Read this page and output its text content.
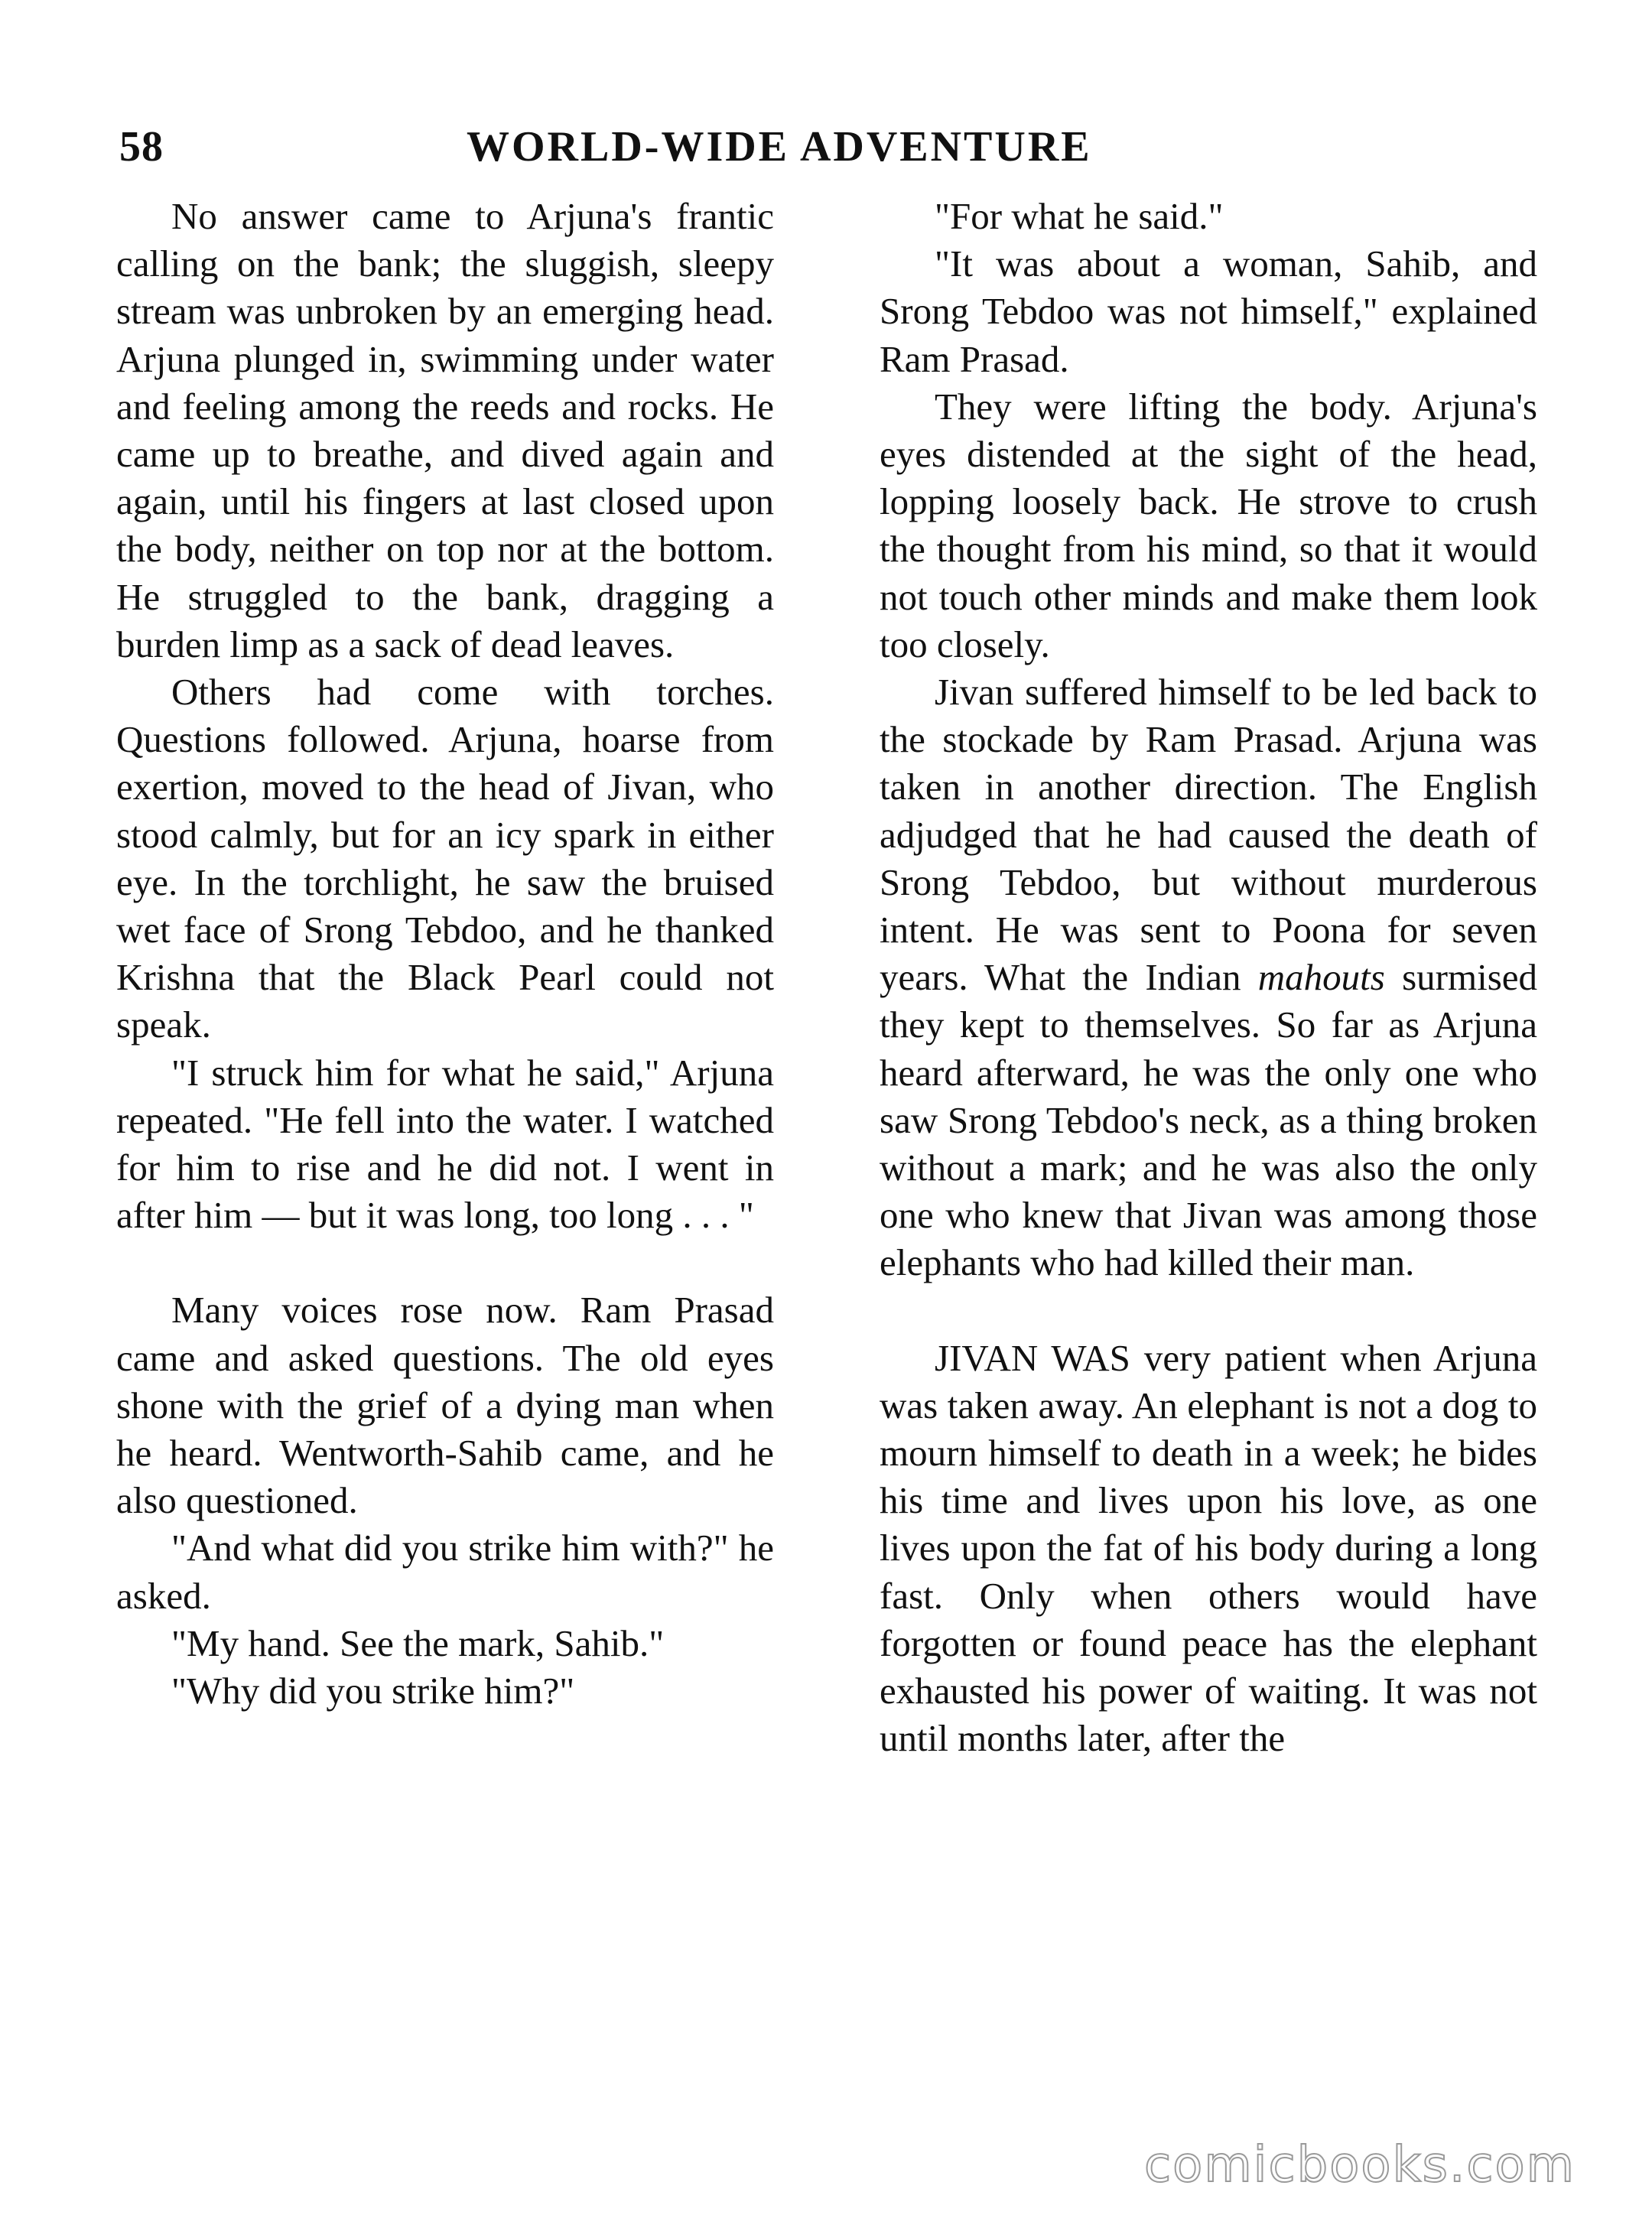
58	WORLD-WIDE ADVENTURE

No answer came to Arjuna's frantic calling on the bank; the sluggish, sleepy stream was unbroken by an emerging head. Arjuna plunged in, swimming under water and feeling among the reeds and rocks. He came up to breathe, and dived again and again, until his fingers at last closed upon the body, neither on top nor at the bottom. He struggled to the bank, dragging a burden limp as a sack of dead leaves.

Others had come with torches. Questions followed. Arjuna, hoarse from exertion, moved to the head of Jivan, who stood calmly, but for an icy spark in either eye. In the torchlight, he saw the bruised wet face of Srong Tebdoo, and he thanked Krishna that the Black Pearl could not speak.

"I struck him for what he said," Arjuna repeated. "He fell into the water. I watched for him to rise and he did not. I went in after him — but it was long, too long . . . "

Many voices rose now. Ram Prasad came and asked questions. The old eyes shone with the grief of a dying man when he heard. Wentworth-Sahib came, and he also questioned.

"And what did you strike him with?" he asked.

"My hand. See the mark, Sahib."

"Why did you strike him?"

"For what he said."

"It was about a woman, Sahib, and Srong Tebdoo was not himself," explained Ram Prasad.

They were lifting the body. Arjuna's eyes distended at the sight of the head, lopping loosely back. He strove to crush the thought from his mind, so that it would not touch other minds and make them look too closely.

Jivan suffered himself to be led back to the stockade by Ram Prasad. Arjuna was taken in another direction. The English adjudged that he had caused the death of Srong Tebdoo, but without murderous intent. He was sent to Poona for seven years. What the Indian mahouts surmised they kept to themselves. So far as Arjuna heard afterward, he was the only one who saw Srong Tebdoo's neck, as a thing broken without a mark; and he was also the only one who knew that Jivan was among those elephants who had killed their man.

JIVAN WAS very patient when Arjuna was taken away. An elephant is not a dog to mourn himself to death in a week; he bides his time and lives upon his love, as one lives upon the fat of his body during a long fast. Only when others would have forgotten or found peace has the elephant exhausted his power of waiting. It was not until months later, after the

comicbooks.com
